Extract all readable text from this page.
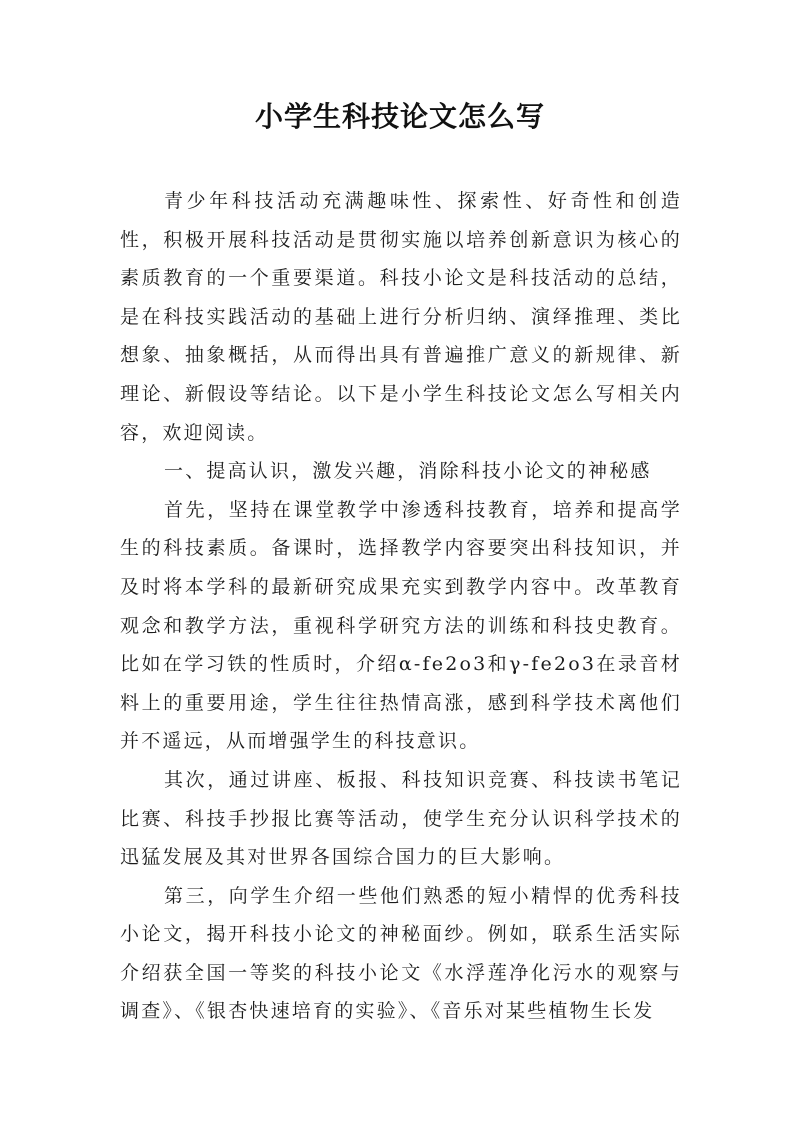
小学生科技论文怎么写

青少年科技活动充满趣味性、探索性、好奇性和创造性，积极开展科技活动是贯彻实施以培养创新意识为核心的素质教育的一个重要渠道。科技小论文是科技活动的总结，是在科技实践活动的基础上进行分析归纳、演绎推理、类比想象、抽象概括，从而得出具有普遍推广意义的新规律、新理论、新假设等结论。以下是小学生科技论文怎么写相关内容，欢迎阅读。

一、提高认识，激发兴趣，消除科技小论文的神秘感

首先，坚持在课堂教学中渗透科技教育，培养和提高学生的科技素质。备课时，选择教学内容要突出科技知识，并及时将本学科的最新研究成果充实到教学内容中。改革教育观念和教学方法，重视科学研究方法的训练和科技史教育。比如在学习铁的性质时，介绍α-fe2o3和γ-fe2o3在录音材料上的重要用途，学生往往热情高涨，感到科学技术离他们并不遥远，从而增强学生的科技意识。

其次，通过讲座、板报、科技知识竞赛、科技读书笔记比赛、科技手抄报比赛等活动，使学生充分认识科学技术的迅猛发展及其对世界各国综合国力的巨大影响。

第三，向学生介绍一些他们熟悉的短小精悍的优秀科技小论文，揭开科技小论文的神秘面纱。例如，联系生活实际介绍获全国一等奖的科技小论文《水浮莲净化污水的观察与调查》、《银杏快速培育的实验》、《音乐对某些植物生长发
